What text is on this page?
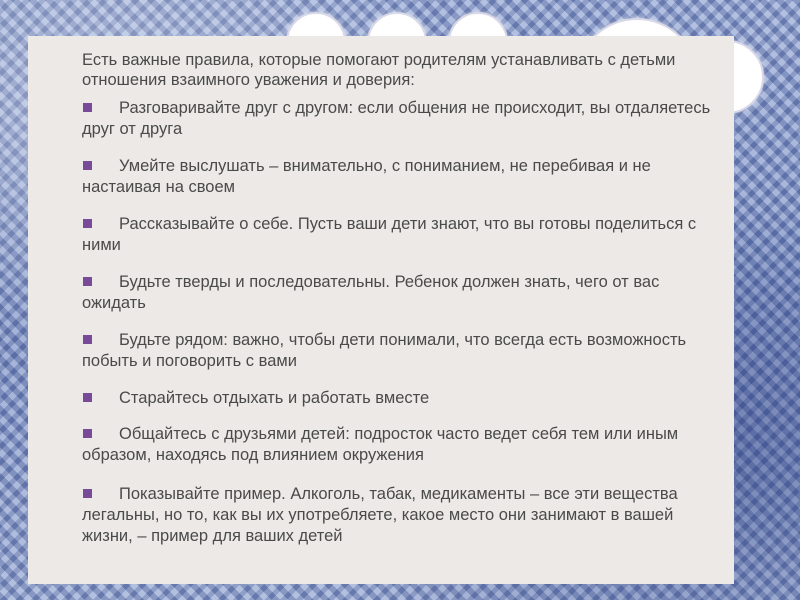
Есть важные правила, которые помогают родителям устанавливать с детьми отношения взаимного уважения и доверия:

Разговаривайте друг с другом: если общения не происходит, вы отдаляетесь друг от друга
Умейте выслушать – внимательно, с пониманием, не перебивая и не настаивая на своем
Рассказывайте о себе. Пусть ваши дети знают, что вы готовы поделиться с ними
Будьте тверды и последовательны. Ребенок должен знать, чего от вас ожидать
Будьте рядом: важно, чтобы дети понимали, что всегда есть возможность побыть и поговорить с вами
Старайтесь отдыхать и работать вместе
Общайтесь с друзьями детей: подросток часто ведет себя тем или иным образом, находясь под влиянием окружения
Показывайте пример. Алкоголь, табак, медикаменты – все эти вещества легальны, но то, как вы их употребляете, какое место они занимают в вашей жизни, – пример для ваших детей
